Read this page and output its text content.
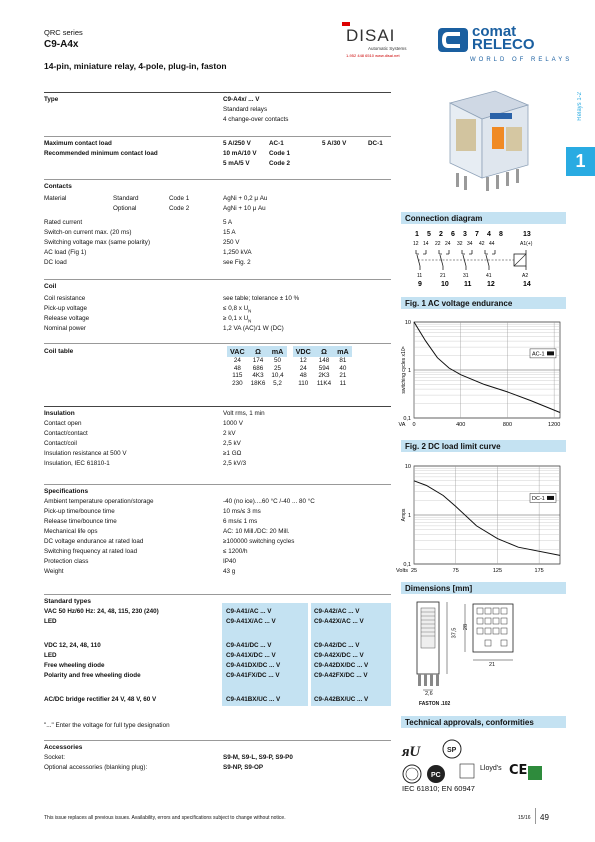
QRC series
C9-A4x
14-pin, miniature relay, 4-pole, plug-in, faston
DISAI
Automatic Systems
1-952 448 6510 www.disai.net
comat
RELECO
WORLD OF RELAYS
Relays 1-2
1
Type	C9-A4x/ ... V
Standard relays
4 change-over contacts
Maximum contact load	5 A/250 V	AC-1	5 A/30 V	DC-1
Recommended minimum contact load	10 mA/10 V Code 1
5 mA/5 V	Code 2
Contacts
Material	Standard	Code 1	AgNi + 0,2 μ Au
Optional	Code 2	AgNi + 10 μ Au
Rated current	5 A
Switch-on current max. (20 ms)	15 A
Switching voltage max (same polarity)	250 V
AC load (Fig 1)	1,250 kVA
DC load	see Fig. 2
Coil
Coil resistance	see table; tolerance ± 10 %
Pick-up voltage	≤ 0,8 x $U_N$
Release voltage	≥ 0,1 x $U_N$
Nominal power	1,2 VA (AC)/1 W (DC)
Coil table	VAC	Ω	mA		VDC	Ω	mA
24	174	50		12	148	81
48	686	25		24	594	40
115	4K3	10,4		48	2K3	21
230	18K6	5,2		110	11K4	11
Insulation	Volt rms, 1 min
Contact open	1000 V
Contact/contact	2 kV
Contact/coil	2,5 kV
Insulation resistance at 500 V	≥1 GΩ
Insulation, IEC 61810-1	2,5 kV/3
Specifications
Ambient temperature operation/storage	-40 (no ice)....60 °C /-40 ... 80 °C
Pick-up time/bounce time	10 ms/≤ 3 ms
Release time/bounce time	6 ms/≤ 1 ms
Mechanical life ops	AC: 10 Mill./DC: 20 Mill.
DC voltage endurance at rated load	≥100000 switching cycles
Switching frequency at rated load	≤ 1200/h
Protection class	IP40
Weight	43 g
Standard types
VAC 50 Hz/60 Hz: 24, 48, 115, 230 (240)	C9-A41/AC ... V	C9-A42/AC ... V
LED	C9-A41X/AC ... V	C9-A42X/AC ... V
VDC 12, 24, 48, 110	C9-A41/DC ... V	C9-A42/DC ... V
LED	C9-A41X/DC ... V	C9-A42X/DC ... V
Free wheeling diode	C9-A41DX/DC ... V	C9-A42DX/DC ... V
Polarity and free wheeling diode	C9-A41FX/DC ... V	C9-A42FX/DC ... V
AC/DC bridge rectifier 24 V, 48 V, 60 V	C9-A41BX/UC ... V	C9-A42BX/UC ... V
"..." Enter the voltage for full type designation
Accessories
Socket:	S9-M, S9-L, S9-P, S9-P0
Optional accessories (blanking plug):	S9-NP, S9-OP
This issue replaces all previous issues. Availability, errors and specifications subject to change without notice.	15/16 49
Connection diagram
1 5 2 6 3 7 4 8	13
12 14 22 24 32 34 42 44	A1(+)
11	21	31	41	A2
9	10 11 12	14
Fig. 1 AC voltage endurance
0,1
1
10
0	400	800	1200
VA
switching cycles x10⁶	AC-1
Fig. 2 DC load limit curve
0,1
1
10
25	75	125	175
Volts
Amps
DC-1
Dimensions [mm]
37,5
28
21
2,6
FASTON .102
Technical approvals, conformities
ᴙU	SP
PC
Lloyd's CE
IEC 61810; EN 60947
